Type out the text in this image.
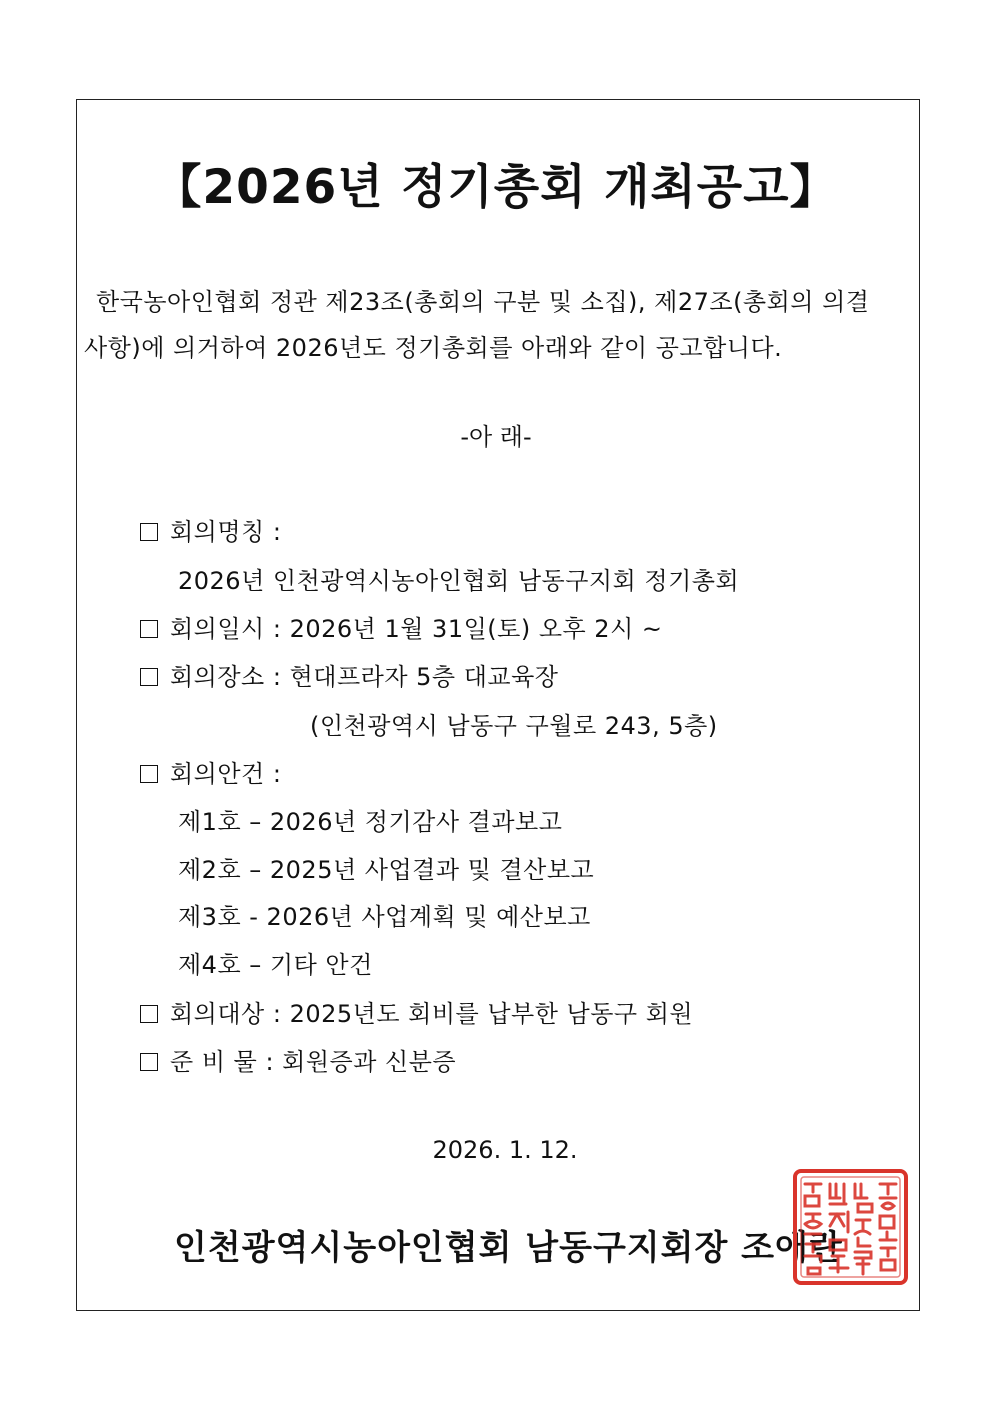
【2026년 정기총회 개최공고】
한국농아인협회 정관 제23조(총회의 구분 및 소집), 제27조(총회의 의결
사항)에 의거하여 2026년도 정기총회를 아래와 같이 공고합니다.
-아 래-
회의명칭 :
2026년 인천광역시농아인협회 남동구지회 정기총회
회의일시 : 2026년 1월 31일(토) 오후 2시 ~
회의장소 : 현대프라자 5층 대교육장
(인천광역시 남동구 구월로 243, 5층)
회의안건 :
제1호 – 2026년 정기감사 결과보고
제2호 – 2025년 사업결과 및 결산보고
제3호 - 2026년 사업계획 및 예산보고
제4호 – 기타 안건
회의대상 : 2025년도 회비를 납부한 남동구 회원
준 비 물 : 회원증과 신분증
2026. 1. 12.
인천광역시농아인협회 남동구지회장 조애란
